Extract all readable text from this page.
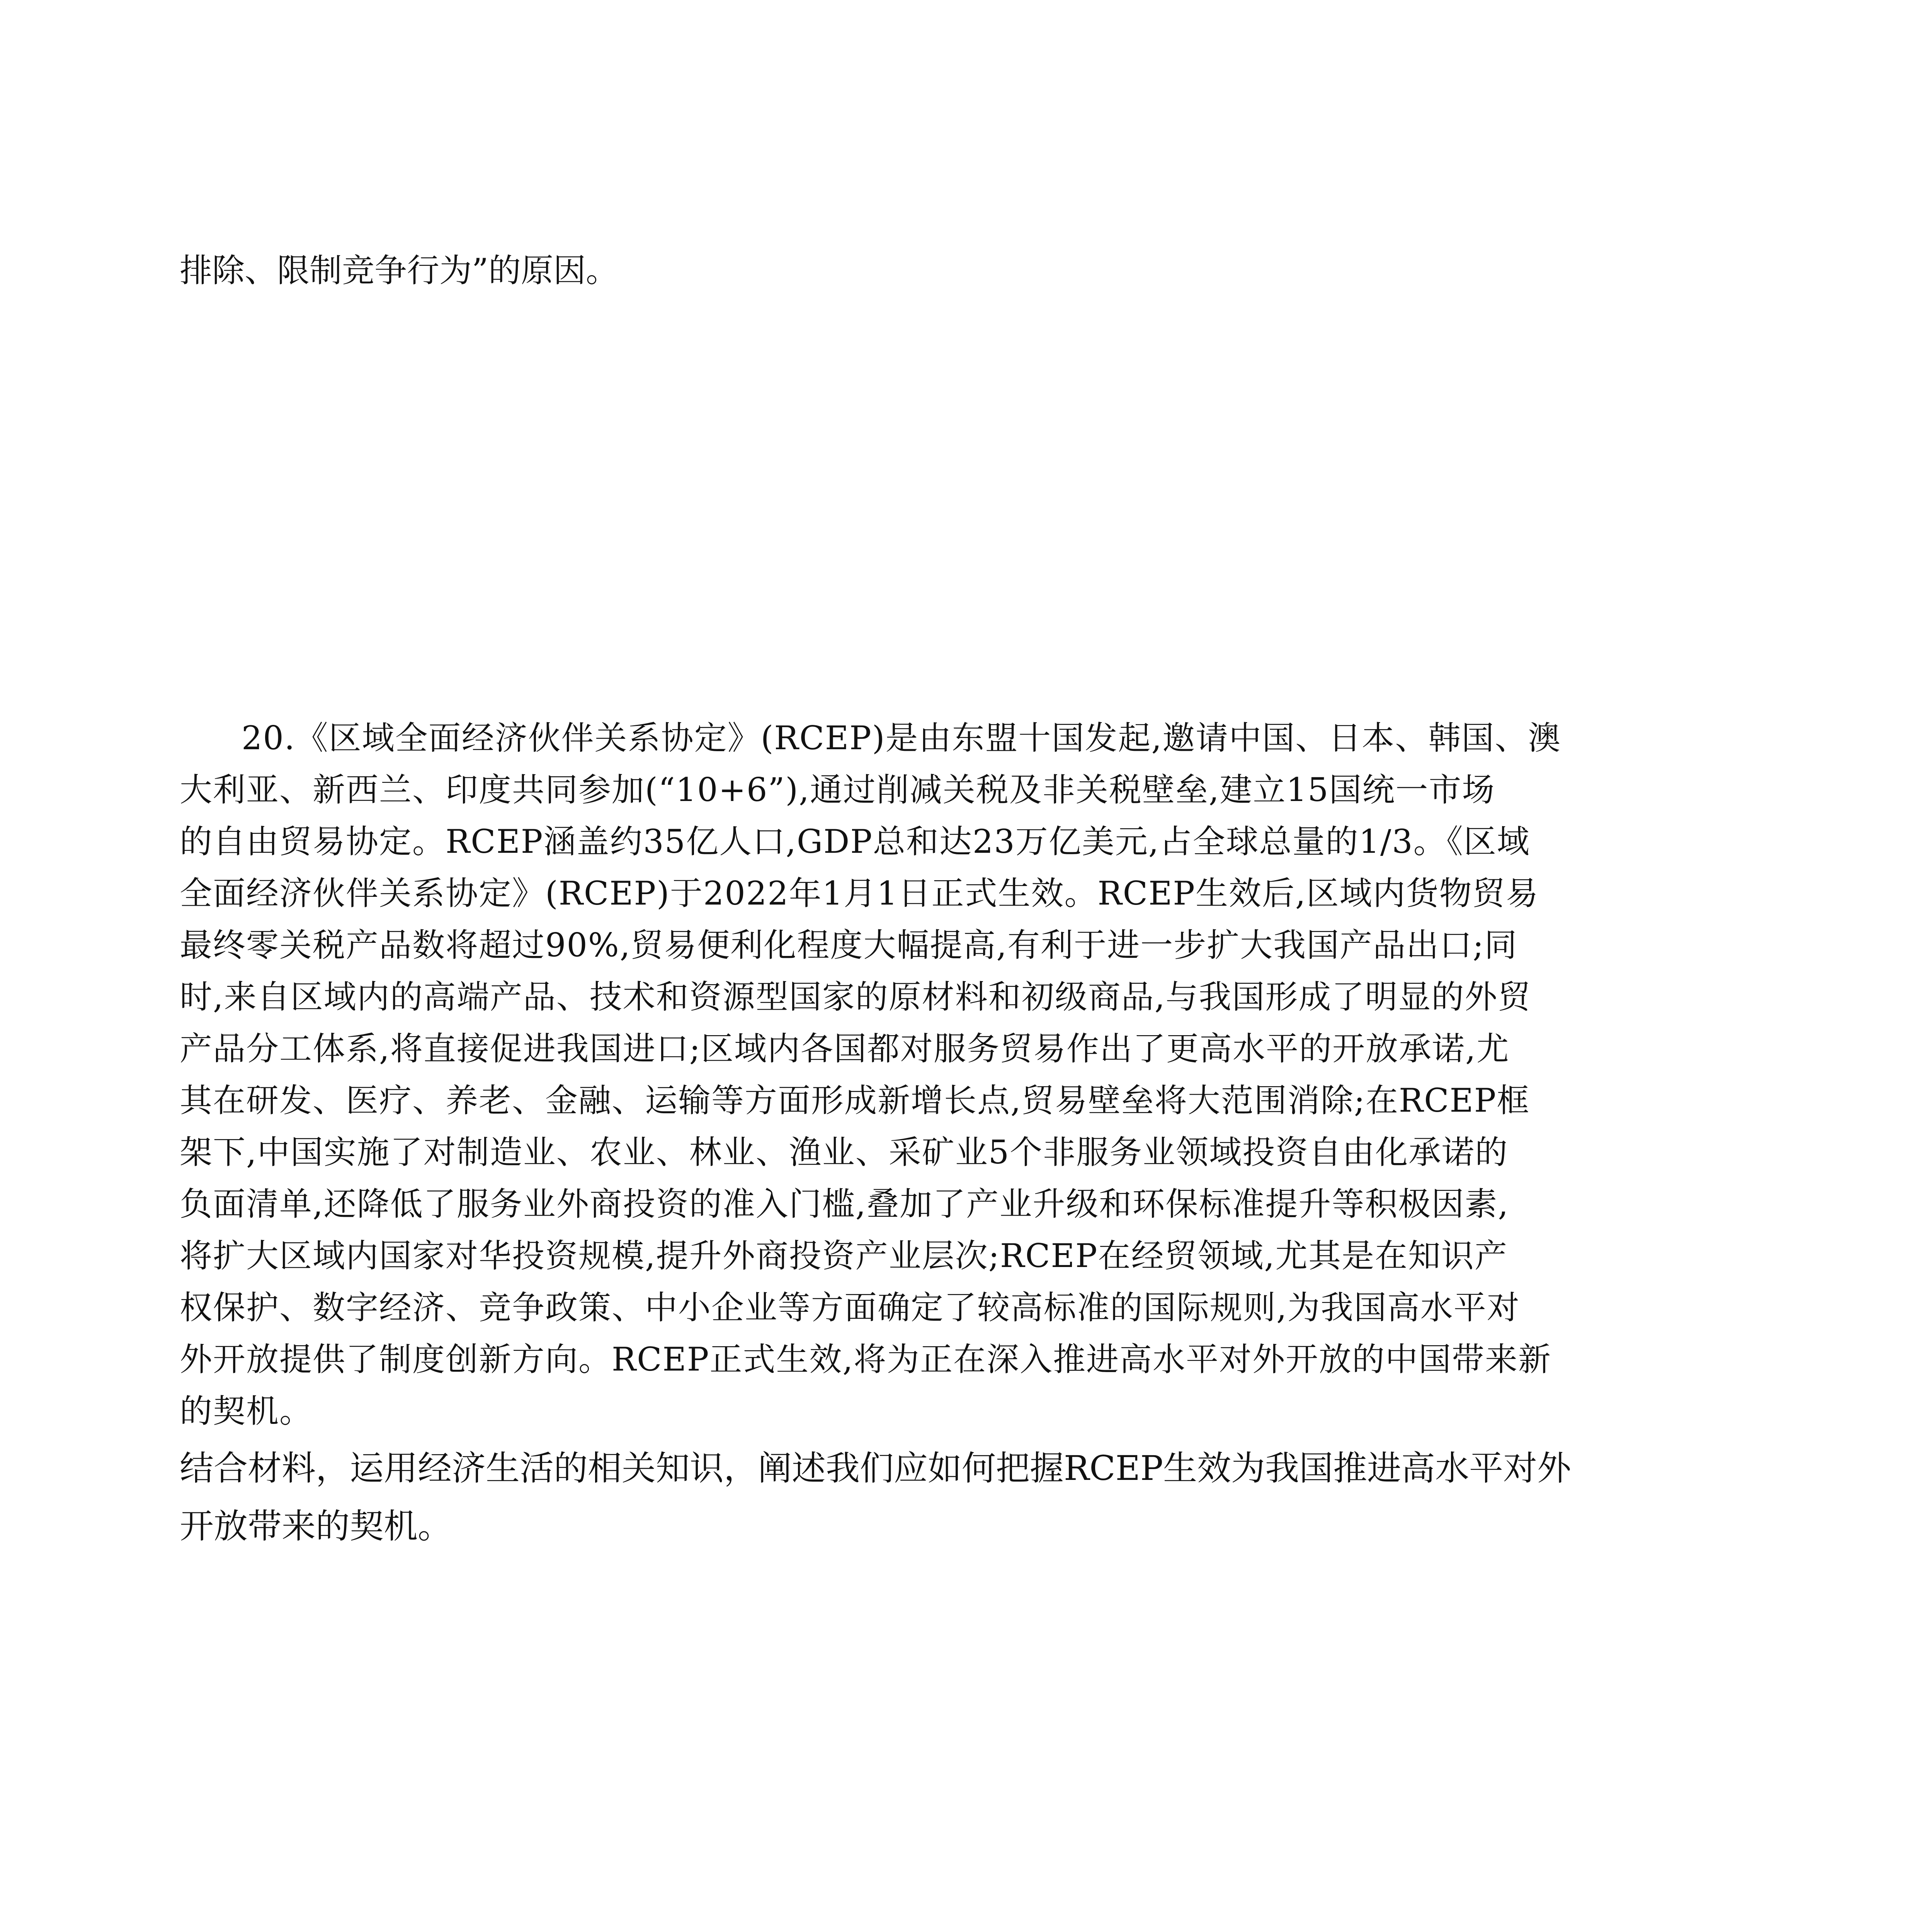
排除、限制竞争行为”的原因。

20.《区域全面经济伙伴关系协定》(RCEP)是由东盟十国发起,邀请中国、日本、韩国、澳

大利亚、新西兰、印度共同参加(“10+6”),通过削减关税及非关税壁垒,建立15国统一市场

的自由贸易协定。RCEP涵盖约35亿人口,GDP总和达23万亿美元,占全球总量的1/3。《区域

全面经济伙伴关系协定》(RCEP)于2022年1月1日正式生效。RCEP生效后,区域内货物贸易

最终零关税产品数将超过90%,贸易便利化程度大幅提高,有利于进一步扩大我国产品出口;同

时,来自区域内的高端产品、技术和资源型国家的原材料和初级商品,与我国形成了明显的外贸

产品分工体系,将直接促进我国进口;区域内各国都对服务贸易作出了更高水平的开放承诺,尤

其在研发、医疗、养老、金融、运输等方面形成新增长点,贸易壁垒将大范围消除;在RCEP框

架下,中国实施了对制造业、农业、林业、渔业、采矿业5个非服务业领域投资自由化承诺的

负面清单,还降低了服务业外商投资的准入门槛,叠加了产业升级和环保标准提升等积极因素,

将扩大区域内国家对华投资规模,提升外商投资产业层次;RCEP在经贸领域,尤其是在知识产

权保护、数字经济、竞争政策、中小企业等方面确定了较高标准的国际规则,为我国高水平对

外开放提供了制度创新方向。RCEP正式生效,将为正在深入推进高水平对外开放的中国带来新

的契机。

结合材料，运用经济生活的相关知识，阐述我们应如何把握RCEP生效为我国推进高水平对外

开放带来的契机。
